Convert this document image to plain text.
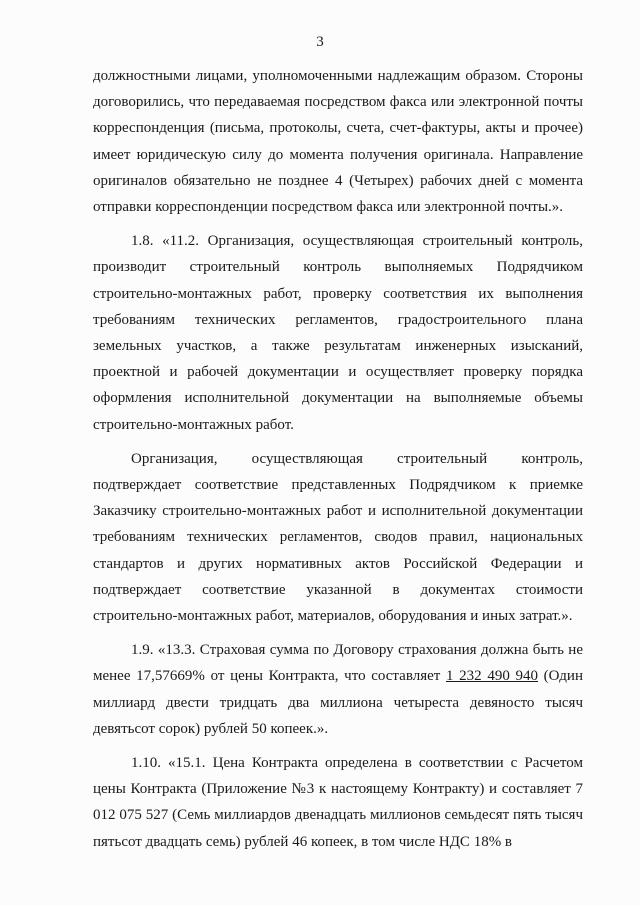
3

должностными лицами, уполномоченными надлежащим образом. Стороны договорились, что передаваемая посредством факса или электронной почты корреспонденция (письма, протоколы, счета, счет-фактуры, акты и прочее) имеет юридическую силу до момента получения оригинала. Направление оригиналов обязательно не позднее 4 (Четырех) рабочих дней с момента отправки корреспонденции посредством факса или электронной почты.».

1.8. «11.2. Организация, осуществляющая строительный контроль, производит строительный контроль выполняемых Подрядчиком строительно-монтажных работ, проверку соответствия их выполнения требованиям технических регламентов, градостроительного плана земельных участков, а также результатам инженерных изысканий, проектной и рабочей документации и осуществляет проверку порядка оформления исполнительной документации на выполняемые объемы строительно-монтажных работ.

Организация, осуществляющая строительный контроль, подтверждает соответствие представленных Подрядчиком к приемке Заказчику строительно-монтажных работ и исполнительной документации требованиям технических регламентов, сводов правил, национальных стандартов и других нормативных актов Российской Федерации и подтверждает соответствие указанной в документах стоимости строительно-монтажных работ, материалов, оборудования и иных затрат.».

1.9. «13.3. Страховая сумма по Договору страхования должна быть не менее 17,57669% от цены Контракта, что составляет 1 232 490 940 (Один миллиард двести тридцать два миллиона четыреста девяносто тысяч девятьсот сорок) рублей 50 копеек.».

1.10. «15.1. Цена Контракта определена в соответствии с Расчетом цены Контракта (Приложение №3 к настоящему Контракту) и составляет 7 012 075 527 (Семь миллиардов двенадцать миллионов семьдесят пять тысяч пятьсот двадцать семь) рублей 46 копеек, в том числе НДС 18% в
